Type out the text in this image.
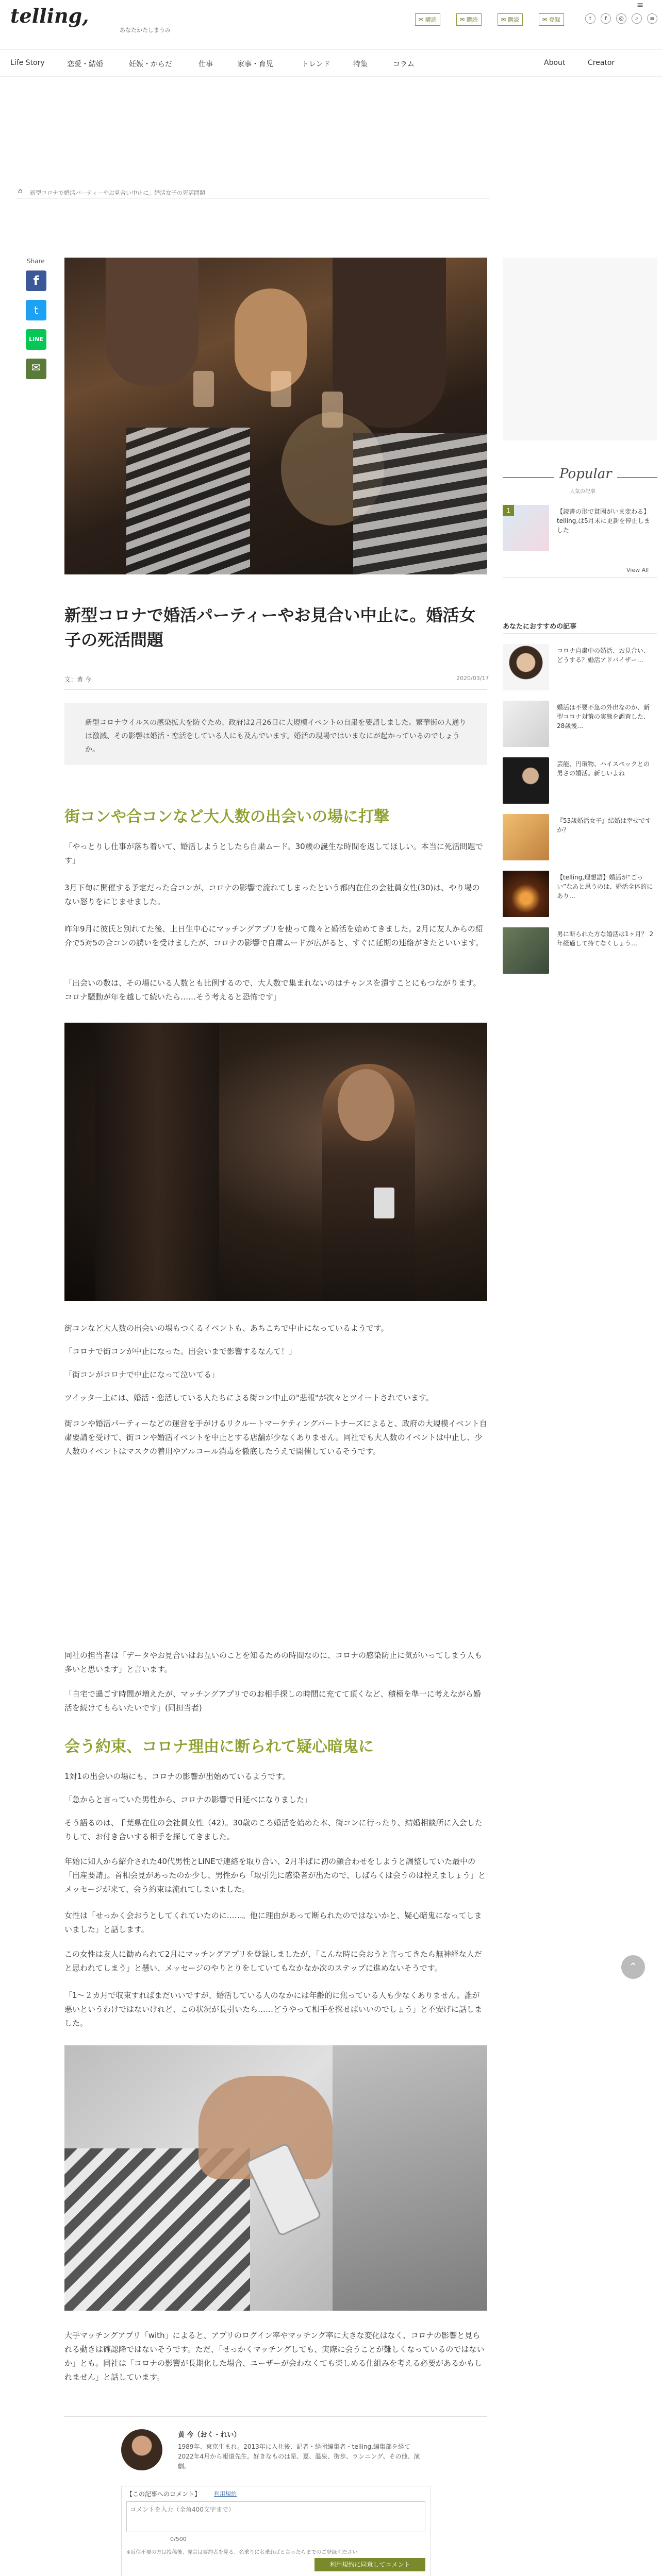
telling,
あなたかたしまうみ
✉ 購読	✉ 購読	✉ 購読	✉ 登録	t	f	◎	⌕	≡
Life Story	恋愛・結婚	妊娠・からだ	仕事	家事・育児	トレンド	特集	コラム	About	Creator
≡
⌂ 新型コロナで婚活パーティーやお見合い中止に。婚活女子の死活問題
Share
f
t
LINE
✉
新型コロナで婚活パーティーやお見合い中止に。婚活女子の死活問題
文：黄 今	2020/03/17
新型コロナウイルスの感染拡大を防ぐため、政府は2月26日に大規模イベントの自粛を要請しました。繁華街の人通りは激減、その影響は婚活・恋活をしている人にも及んでいます。婚活の現場ではいまなにが起かっているのでしょうか。
街コンや合コンなど大人数の出会いの場に打撃

「やっとりし仕事が落ち着いて、婚活しようとしたら自粛ムード。30歳の誕生な時間を返してほしい。本当に死活問題です」

3月下旬に開催する予定だった合コンが、コロナの影響で流れてしまったという都内在住の会社員女性(30)は、やり場のない怒りをにじませました。

昨年9月に彼氏と別れてた後、上日生中心にマッチングアプリを使って幾々と婚活を始めてきました。2月に友人からの紹介で5対5の合コンの誘いを受けましたが、コロナの影響で自粛ムードが広がると、すぐに延期の連絡がきたといいます。

「出会いの数は、その場にいる人数とも比例するので、大人数で集まれないのはチャンスを潰すことにもつながります。コロナ騒動が年を越して続いたら……そう考えると恐怖です」

街コンなど大人数の出会いの場もつくるイベントも、あちこちで中止になっているようです。

「コロナで街コンが中止になった。出会いまで影響するなんて！」

「街コンがコロナで中止になって泣いてる」

ツイッター上には、婚活・恋活している人たちによる街コン中止の"悲報"が次々とツイートされています。

街コンや婚活パーティーなどの運営を手がけるリクルートマーケティングパートナーズによると、政府の大規模イベント自粛要請を受けて、街コンや婚活イベントを中止とする店舗が少なくありません。同社でも大人数のイベントは中止し、少人数のイベントはマスクの着用やアルコール消毒を徹底したうえで開催しているそうです。

同社の担当者は「データやお見合いはお互いのことを知るための時間なのに、コロナの感染防止に気がいってしまう人も多いと思います」と言います。

「自宅で過ごす時間が増えたが、マッチングアプリでのお相手探しの時間に充てて頂くなど、積極を準一に考えながら婚活を続けてもらいたいです」(同担当者)

会う約束、コロナ理由に断られて疑心暗鬼に

1対1の出会いの場にも、コロナの影響が出始めているようです。

「急からと言っていた男性から、コロナの影響で日延べになりました」

そう語るのは、千葉県在住の会社員女性（42）。30歳のころ婚活を始めた本、街コンに行ったり、結婚相談所に入会したりして、お付き合いする相手を探してきました。

年始に知人から紹介された40代男性とLINEで連絡を取り合い、2月半ばに初の顔合わせをしようと調整していた最中の「出産要請」。首相会見があったのか少し、男性から「取引先に感染者が出たので、しばらくは会うのは控えましょう」とメッセージが来て、会う約束は流れてしまいました。

女性は「せっかく会おうとしてくれていたのに……。他に理由があって断られたのではないかと、疑心暗鬼になってしまいました」と話します。

この女性は友人に勧められて2月にマッチングアプリを登録しましたが、「こんな時に会おうと言ってきたら無神経な人だと思われてしまう」と懸い、メッセージのやりとりをしていてもなかなか次のステップに進めないそうです。

「1〜２カ月で収束すればまだいいですが、婚活している人のなかには年齢的に焦っている人も少なくありません。誰が悪いというわけではないけれど、この状況が長引いたら……どうやって相手を探せばいいのでしょう」と不安げに話しました。

大手マッチングアプリ「with」によると、アプリのログイン率やマッチング率に大きな変化はなく、コロナの影響と見られる動きは確認降ではないそうです。ただ、「せっかくマッチングしても、実際に会うことが難しくなっているのではないか」とも。同社は「コロナの影響が長期化した場合、ユーザーが会わなくても楽しめる仕組みを考える必要があるかもしれません」と話しています。

黄 今（おく・れい）
1989年、東京生まれ。2013年に入社後、記者・経団編集者・telling,編集部を経て2022年4月から報道先生。好きなものは星、夏、温泉、街歩、ランニング、その他、演劇。
【この記事へのコメント】 利用規約
コメントを入力（全角400文字まで）
0/500
※返信不要の方は投稿後、発言は要約者を見る、名乗りに名乗ればと言ったらまでのご登録ください
利用規約に同意してコメント
Popular
人気の記事
1	【読書の形で貧困がいま変わる】telling,は5月末に更新を停止しました
View All
あなたにおすすめの記事
コロナ自粛中の婚活、お見合い、どうする？婚活アドバイザー…
婚活は不要不急の外出なのか、新型コロナ対策の実態を調査した、28歳後…
芸能、円環物、ハイスペックとの男さの婚活。新しいよね
『53歳婚活女子』結婚は幸せですか？
【telling,理想語】婚活が“ごっい”なあと思うのは、婚活全体的にあり…
男に断られた方な婚活は1ヶ月？ 2年経過して持てなくしょう…
⌃
